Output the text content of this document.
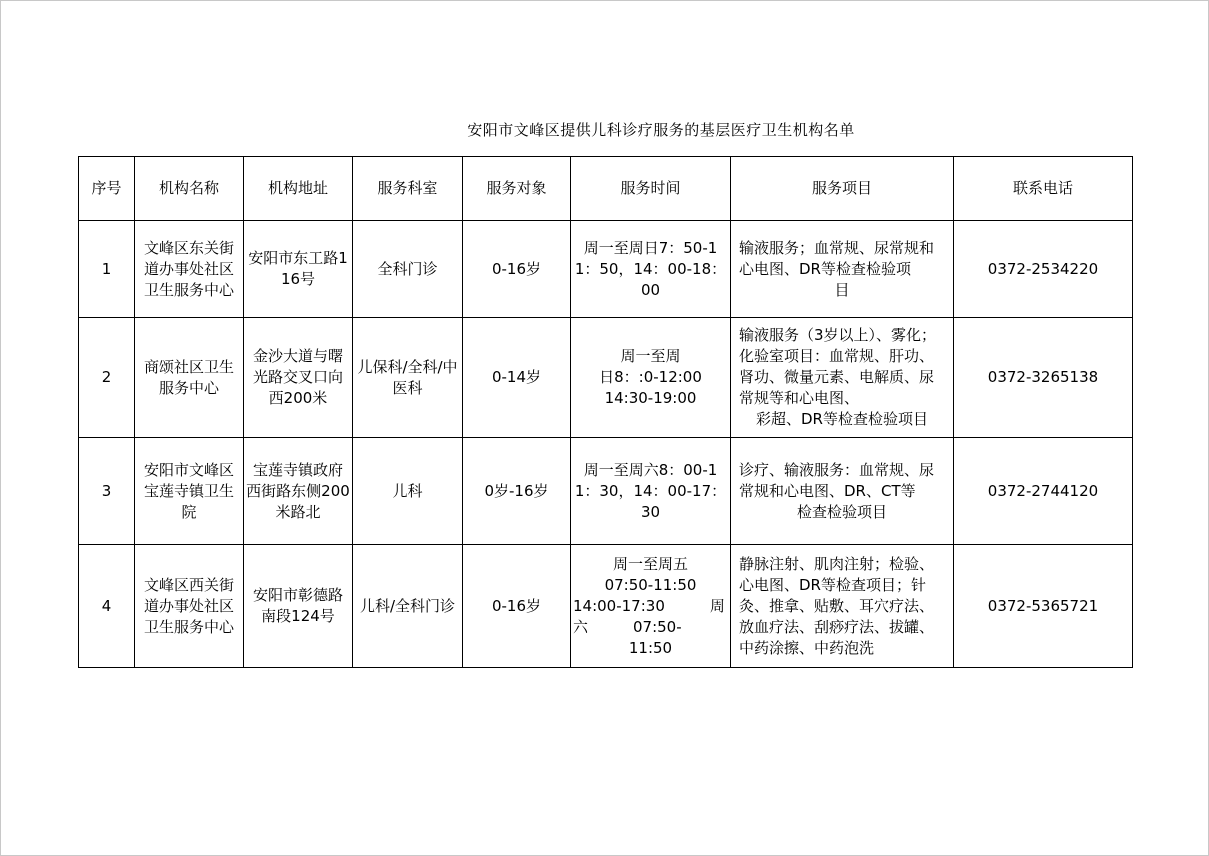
安阳市文峰区提供儿科诊疗服务的基层医疗卫生机构名单
序号	机构名称	机构地址	服务科室	服务对象	服务时间	服务项目	联系电话
1	文峰区东关街道办事处社区卫生服务中心	安阳市东工路116号	全科门诊	0-16岁	周一至周日7：50-11：50，14：00-18：00	输液服务；血常规、尿常规和心电图、DR等检查检验项
目	0372-2534220
2	商颂社区卫生服务中心	金沙大道与曙光路交叉口向西200米	儿保科/全科/中医科	0-14岁	周一至周
日8：:0-12:00
14:30-19:00	输液服务（3岁以上）、雾化；化验室项目：血常规、肝功、肾功、微量元素、电解质、尿常规等和心电图、
彩超、DR等检查检验项目	0372-3265138
3	安阳市文峰区宝莲寺镇卫生院	宝莲寺镇政府西街路东侧200米路北	儿科	0岁-16岁	周一至周六8：00-11：30，14：00-17：30	诊疗、输液服务：血常规、尿常规和心电图、DR、CT等
检查检验项目	0372-2744120
4	文峰区西关街道办事处社区卫生服务中心	安阳市彰德路南段124号	儿科/全科门诊	0-16岁	周一至周五
07:50-11:50
14:00-17:30　　　周
六　　　07:50-
11:50	静脉注射、肌肉注射；检验、心电图、DR等检查项目；针灸、推拿、贴敷、耳穴疗法、放血疗法、刮痧疗法、拔罐、中药涂擦、中药泡洗	0372-5365721
